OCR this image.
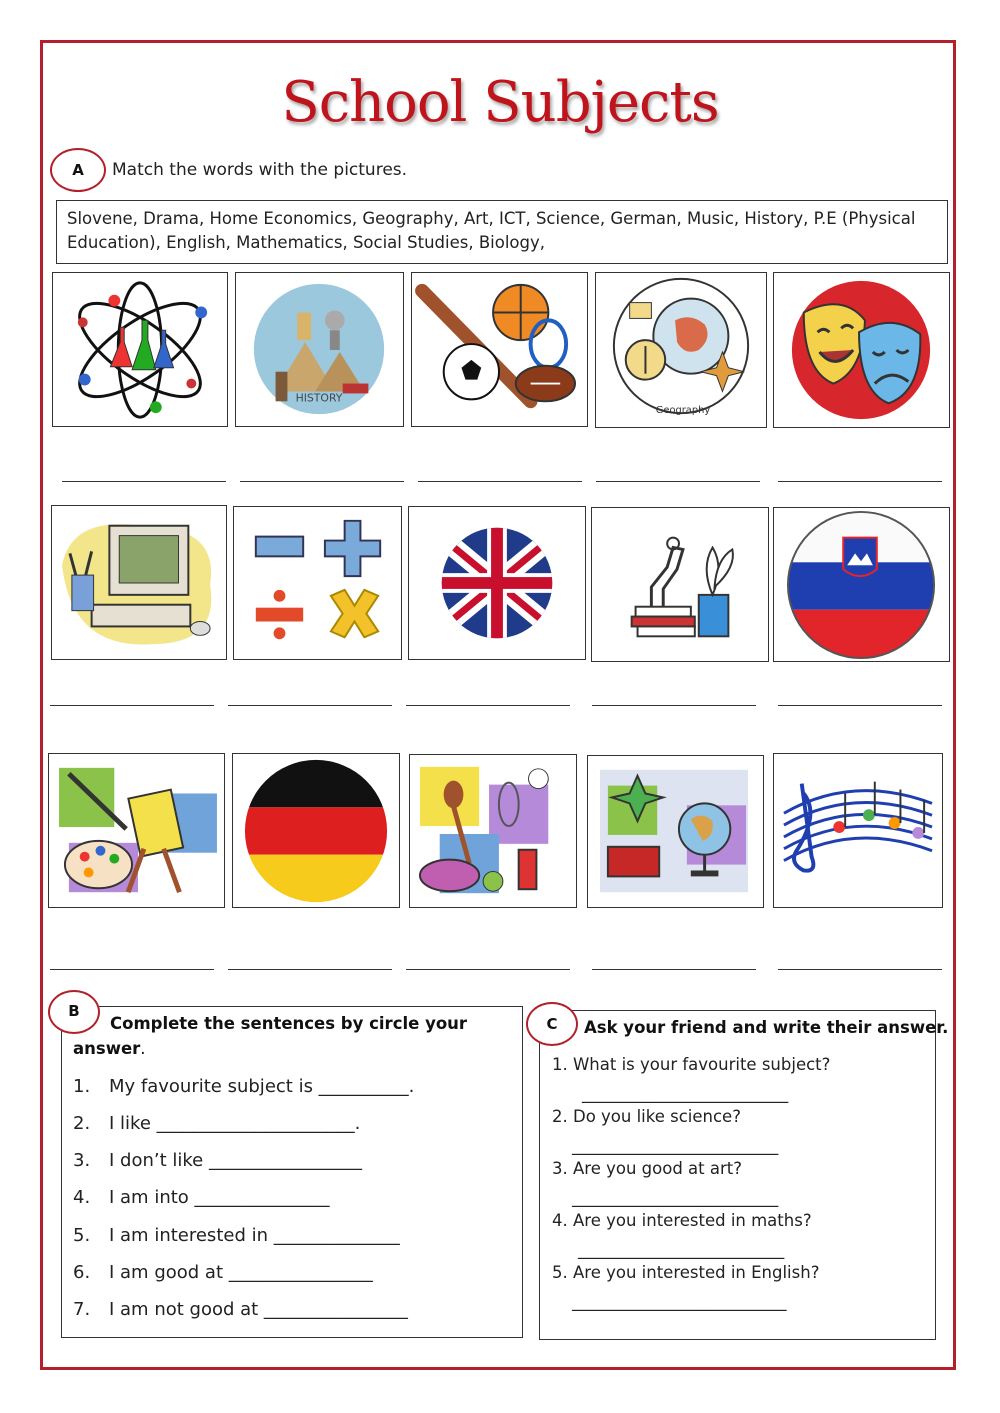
School Subjects
A Match the words with the pictures.
Slovene, Drama, Home Economics, Geography, Art, ICT, Science, German, Music, History, P.E (Physical Education), English, Mathematics, Social Studies, Biology,
HISTORY
Geography
B
Complete the sentences by circle your
answer.
1. My favourite subject is __________.
2. I like ______________________.
3. I don’t like _________________
4. I am into _______________
5. I am interested in ______________
6. I am good at ________________
7. I am not good at ________________
C Ask your friend and write their answer.
1. What is your favourite subject?
_________________________
2. Do you like science?
_________________________
3. Are you good at art?
_________________________
4. Are you interested in maths?
_________________________
5. Are you interested in English?
__________________________
